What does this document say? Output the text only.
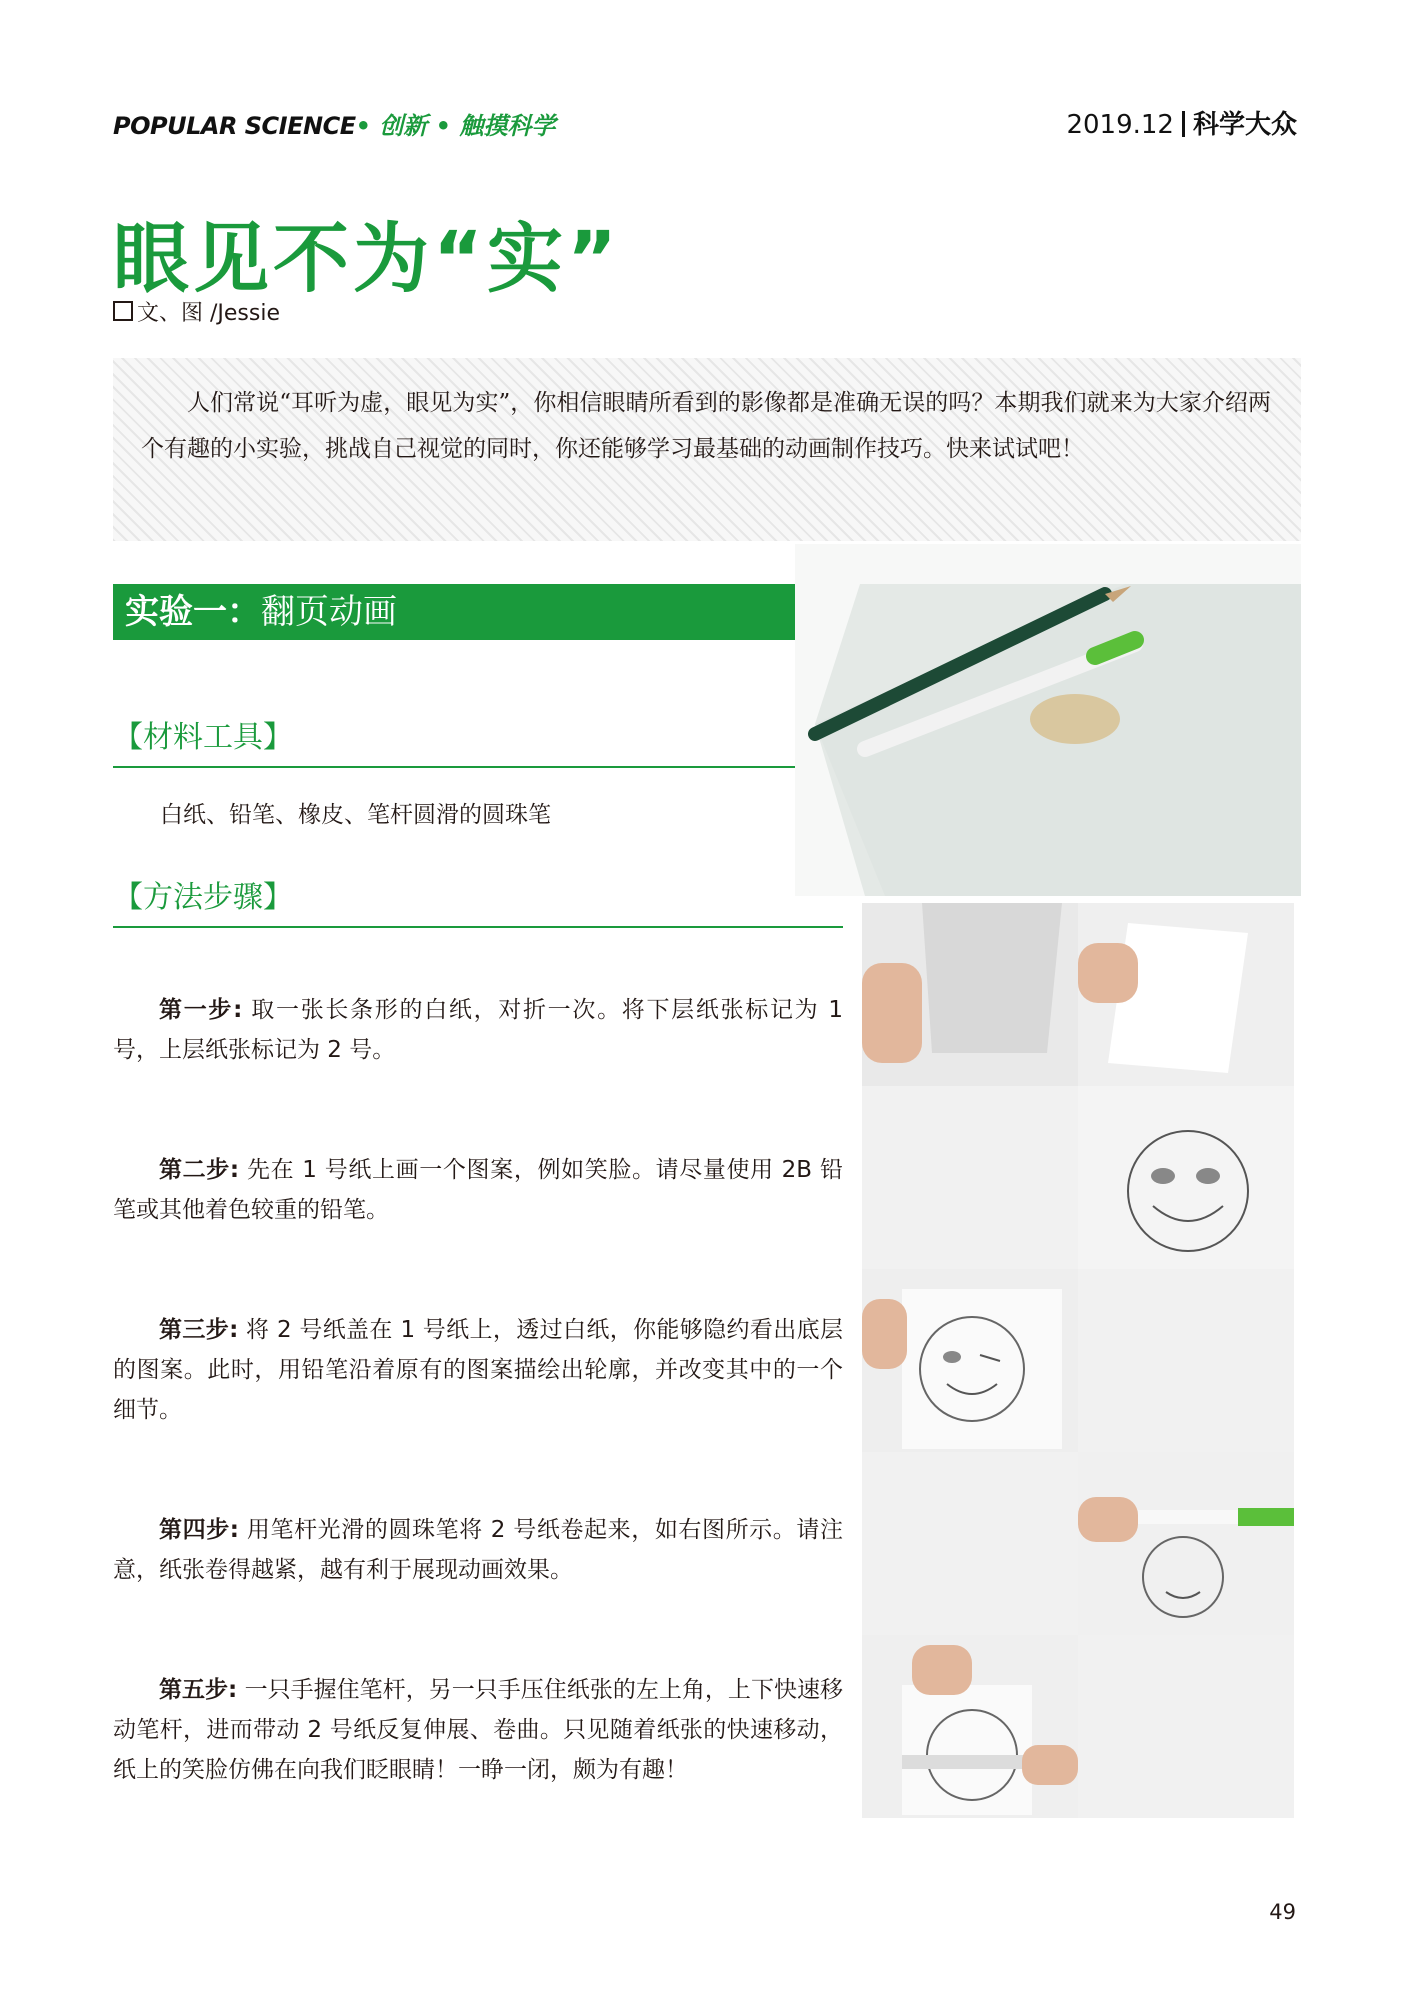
POPULAR SCIENCE• 创新 • 触摸科学	2019.12 科学大众
眼见不为“实”
文、图 /Jessie

人们常说“耳听为虚，眼见为实”，你相信眼睛所看到的影像都是准确无误的吗？本期我们就来为大家介绍两个有趣的小实验，挑战自己视觉的同时，你还能够学习最基础的动画制作技巧。快来试试吧！

实验一：翻页动画
【材料工具】
白纸、铅笔、橡皮、笔杆圆滑的圆珠笔
【方法步骤】
第一步: 取一张长条形的白纸，对折一次。将下层纸张标记为 1 号，上层纸张标记为 2 号。
第二步: 先在 1 号纸上画一个图案，例如笑脸。请尽量使用 2B 铅笔或其他着色较重的铅笔。
第三步: 将 2 号纸盖在 1 号纸上，透过白纸，你能够隐约看出底层的图案。此时，用铅笔沿着原有的图案描绘出轮廓，并改变其中的一个细节。
第四步: 用笔杆光滑的圆珠笔将 2 号纸卷起来，如右图所示。请注意，纸张卷得越紧，越有利于展现动画效果。
第五步: 一只手握住笔杆，另一只手压住纸张的左上角，上下快速移动笔杆，进而带动 2 号纸反复伸展、卷曲。只见随着纸张的快速移动，纸上的笑脸仿佛在向我们眨眼睛！一睁一闭，颇为有趣！
49
